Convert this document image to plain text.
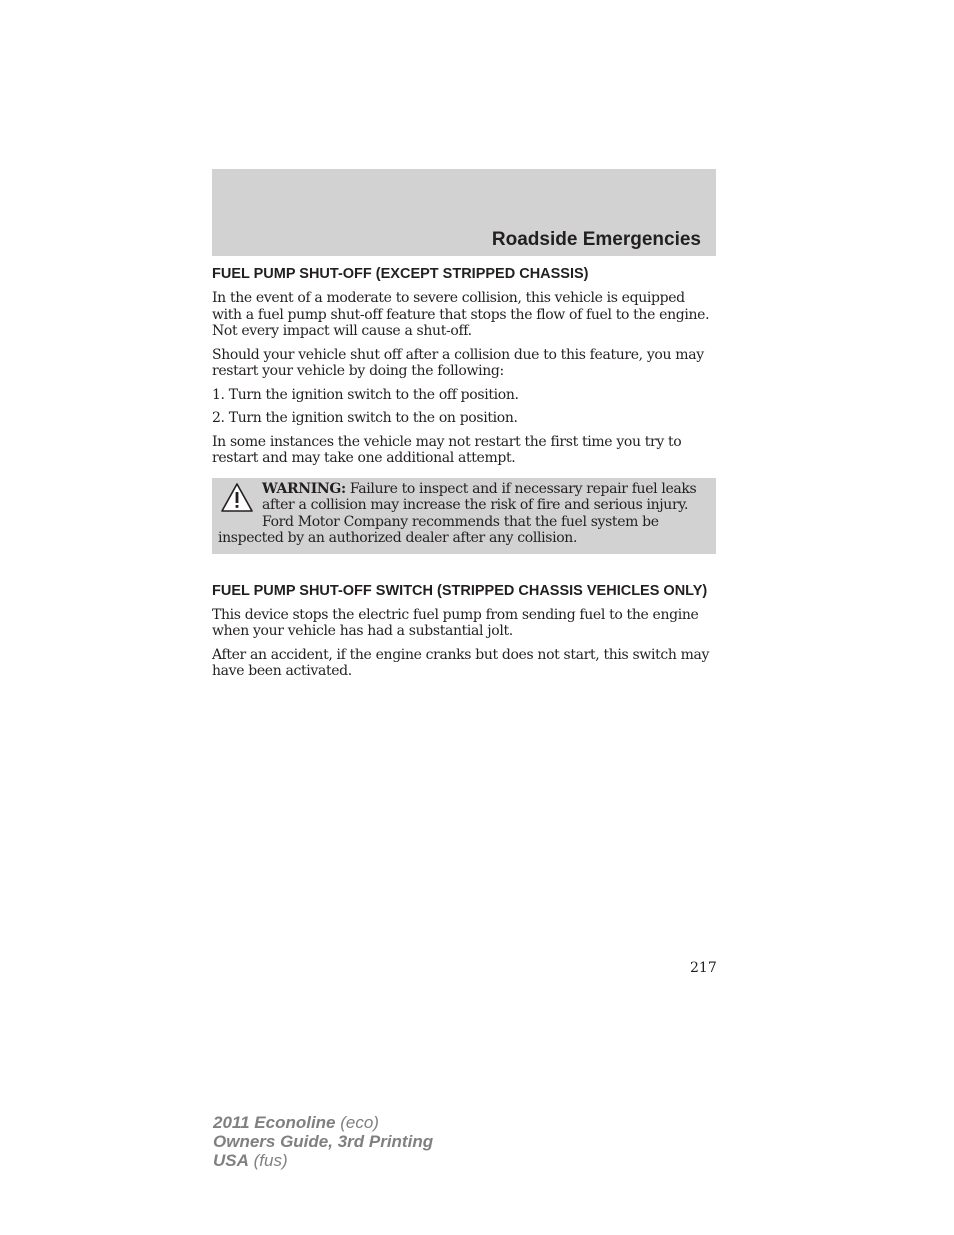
Roadside Emergencies
FUEL PUMP SHUT-OFF (EXCEPT STRIPPED CHASSIS)

In the event of a moderate to severe collision, this vehicle is equipped with a fuel pump shut-off feature that stops the flow of fuel to the engine. Not every impact will cause a shut-off.

Should your vehicle shut off after a collision due to this feature, you may restart your vehicle by doing the following:

1. Turn the ignition switch to the off position.

2. Turn the ignition switch to the on position.

In some instances the vehicle may not restart the first time you try to restart and may take one additional attempt.

WARNING: Failure to inspect and if necessary repair fuel leaks after a collision may increase the risk of fire and serious injury. Ford Motor Company recommends that the fuel system be inspected by an authorized dealer after any collision.

FUEL PUMP SHUT-OFF SWITCH (STRIPPED CHASSIS VEHICLES ONLY)

This device stops the electric fuel pump from sending fuel to the engine when your vehicle has had a substantial jolt.

After an accident, if the engine cranks but does not start, this switch may have been activated.

217
2011 Econoline (eco)
Owners Guide, 3rd Printing
USA (fus)
